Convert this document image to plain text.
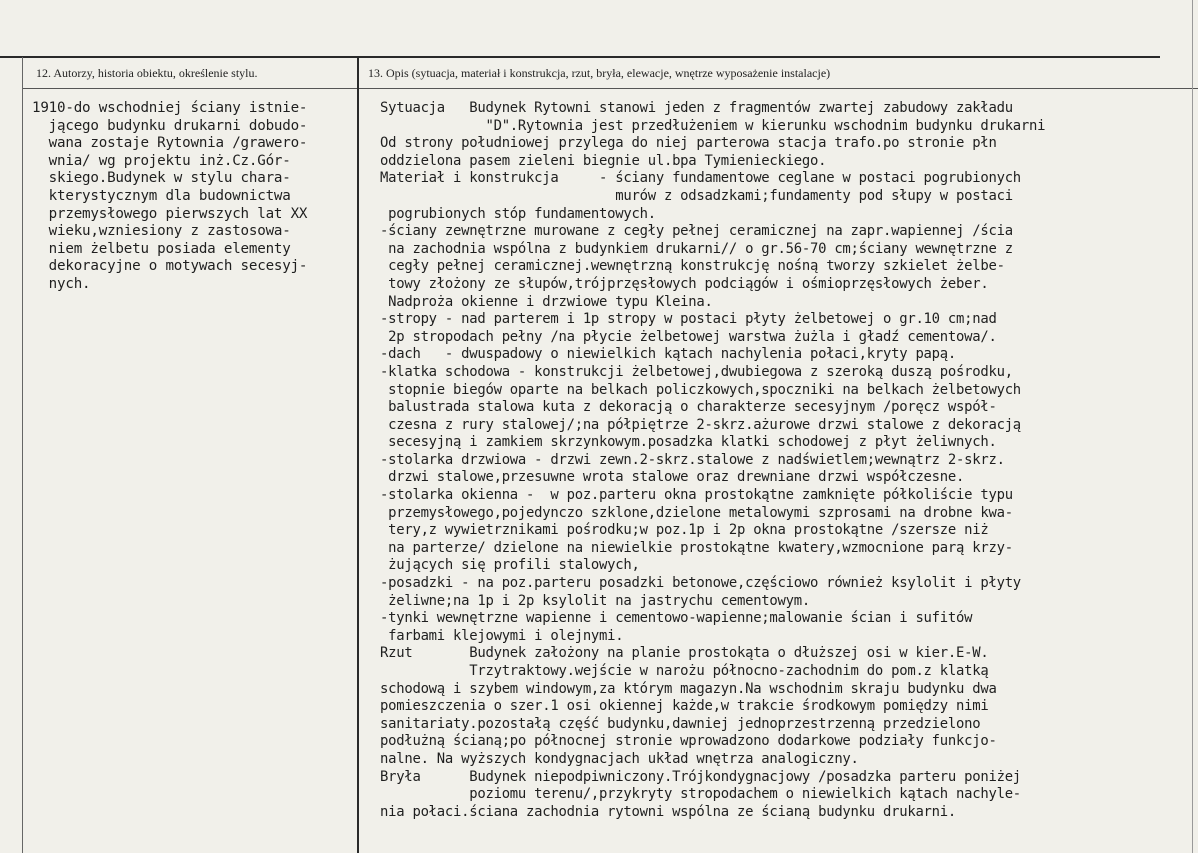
12. Autorzy, historia obiektu, określenie stylu.	13. Opis (sytuacja, materiał i konstrukcja, rzut, bryła, elewacje, wnętrze wyposażenie instalacje)
1910-do wschodniej ściany istnie-
jącego budynku drukarni dobudo-
wana zostaje Rytownia /grawero-
wnia/ wg projektu inż.Cz.Gór-
skiego.Budynek w stylu chara-
kterystycznym dla budownictwa
przemysłowego pierwszych lat XX
wieku,wzniesiony z zastosowa-
niem żelbetu posiada elementy
dekoracyjne o motywach secesyj-
nych.
Sytuacja   Budynek Rytowni stanowi jeden z fragmentów zwartej zabudowy zakładu
"D".Rytownia jest przedłużeniem w kierunku wschodnim budynku drukarni
Od strony południowej przylega do niej parterowa stacja trafo.po stronie płn
oddzielona pasem zieleni biegnie ul.bpa Tymienieckiego.
Materiał i konstrukcja     - ściany fundamentowe ceglane w postaci pogrubionych
murów z odsadzkami;fundamenty pod słupy w postaci
pogrubionych stóp fundamentowych.
-ściany zewnętrzne murowane z cegły pełnej ceramicznej na zapr.wapiennej /ścia
na zachodnia wspólna z budynkiem drukarni// o gr.56-70 cm;ściany wewnętrzne z
cegły pełnej ceramicznej.wewnętrzną konstrukcję nośną tworzy szkielet żelbe-
towy złożony ze słupów,trójprzęsłowych podciągów i ośmioprzęsłowych żeber.
Nadproża okienne i drzwiowe typu Kleina.
-stropy - nad parterem i 1p stropy w postaci płyty żelbetowej o gr.10 cm;nad
2p stropodach pełny /na płycie żelbetowej warstwa żużla i gładź cementowa/.
-dach   - dwuspadowy o niewielkich kątach nachylenia połaci,kryty papą.
-klatka schodowa - konstrukcji żelbetowej,dwubiegowa z szeroką duszą pośrodku,
stopnie biegów oparte na belkach policzkowych,spoczniki na belkach żelbetowych
balustrada stalowa kuta z dekoracją o charakterze secesyjnym /poręcz współ-
czesna z rury stalowej/;na półpiętrze 2-skrz.ażurowe drzwi stalowe z dekoracją
secesyjną i zamkiem skrzynkowym.posadzka klatki schodowej z płyt żeliwnych.
-stolarka drzwiowa - drzwi zewn.2-skrz.stalowe z nadświetlem;wewnątrz 2-skrz.
drzwi stalowe,przesuwne wrota stalowe oraz drewniane drzwi współczesne.
-stolarka okienna -  w poz.parteru okna prostokątne zamknięte półkoliście typu
przemysłowego,pojedynczo szklone,dzielone metalowymi szprosami na drobne kwa-
tery,z wywietrznikami pośrodku;w poz.1p i 2p okna prostokątne /szersze niż
na parterze/ dzielone na niewielkie prostokątne kwatery,wzmocnione parą krzy-
żujących się profili stalowych,
-posadzki - na poz.parteru posadzki betonowe,częściowo również ksylolit i płyty
żeliwne;na 1p i 2p ksylolit na jastrychu cementowym.
-tynki wewnętrzne wapienne i cementowo-wapienne;malowanie ścian i sufitów
farbami klejowymi i olejnymi.
Rzut       Budynek założony na planie prostokąta o dłuższej osi w kier.E-W.
Trzytraktowy.wejście w narożu północno-zachodnim do pom.z klatką
schodową i szybem windowym,za którym magazyn.Na wschodnim skraju budynku dwa
pomieszczenia o szer.1 osi okiennej każde,w trakcie środkowym pomiędzy nimi
sanitariaty.pozostałą część budynku,dawniej jednoprzestrzenną przedzielono
podłużną ścianą;po północnej stronie wprowadzono dodarkowe podziały funkcjo-
nalne. Na wyższych kondygnacjach układ wnętrza analogiczny.
Bryła      Budynek niepodpiwniczony.Trójkondygnacjowy /posadzka parteru poniżej
poziomu terenu/,przykryty stropodachem o niewielkich kątach nachyle-
nia połaci.ściana zachodnia rytowni wspólna ze ścianą budynku drukarni.
